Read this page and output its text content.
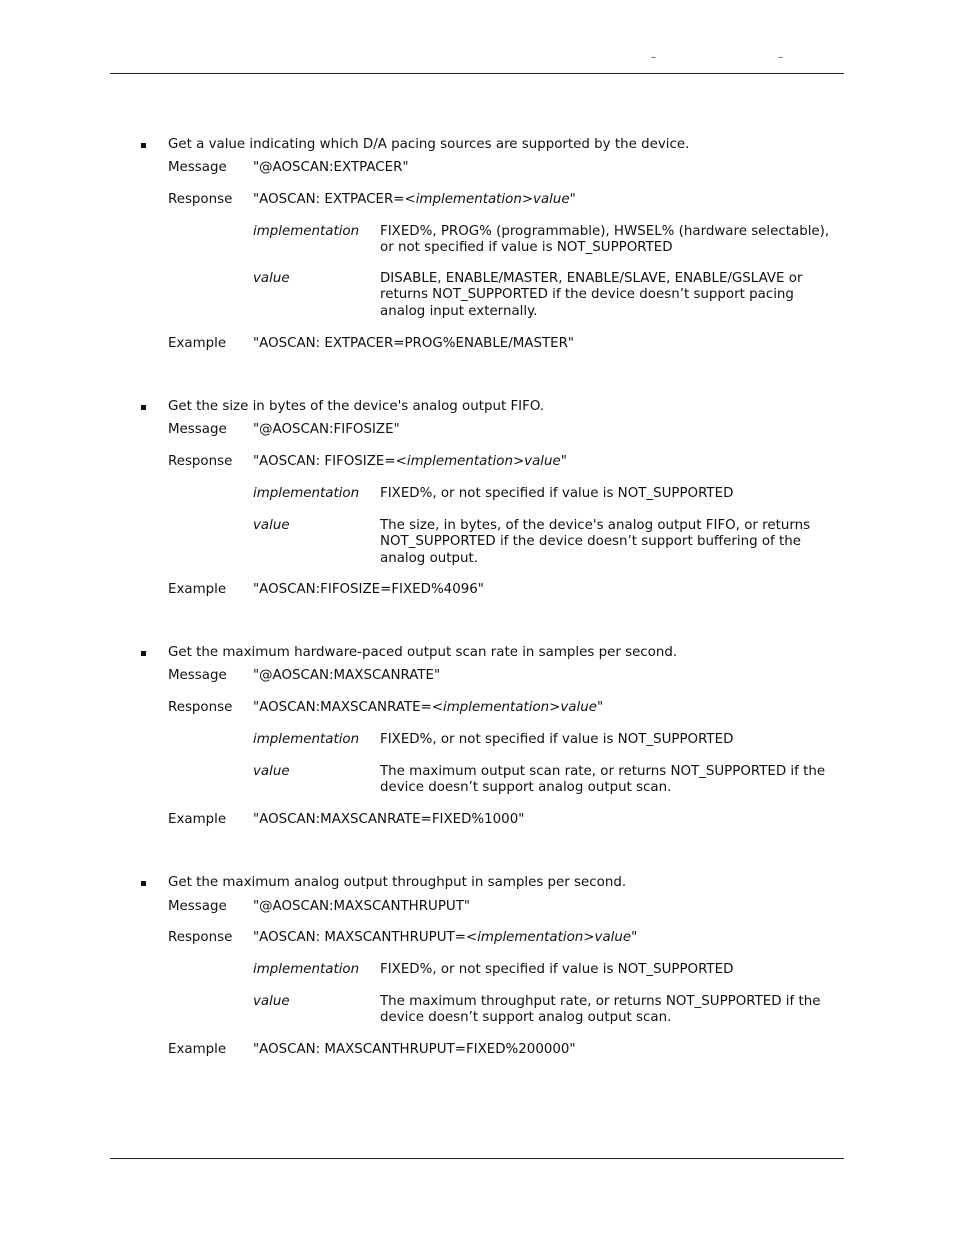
–	–
Get a value indicating which D/A pacing sources are supported by the device.
Message "@AOSCAN:EXTPACER"
Response "AOSCAN: EXTPACER=<implementation>value"
implementation FIXED%, PROG% (programmable), HWSEL% (hardware selectable), or not specified if value is NOT_SUPPORTED
value	DISABLE, ENABLE/MASTER, ENABLE/SLAVE, ENABLE/GSLAVE or returns NOT_SUPPORTED if the device doesn’t support pacing analog input externally.
Example "AOSCAN: EXTPACER=PROG%ENABLE/MASTER"
Get the size in bytes of the device's analog output FIFO.
Message "@AOSCAN:FIFOSIZE"
Response "AOSCAN: FIFOSIZE=<implementation>value"
implementation FIXED%, or not specified if value is NOT_SUPPORTED
value	The size, in bytes, of the device's analog output FIFO, or returns NOT_SUPPORTED if the device doesn’t support buffering of the analog output.
Example "AOSCAN:FIFOSIZE=FIXED%4096"
Get the maximum hardware-paced output scan rate in samples per second.
Message "@AOSCAN:MAXSCANRATE"
Response "AOSCAN:MAXSCANRATE=<implementation>value"
implementation FIXED%, or not specified if value is NOT_SUPPORTED
value	The maximum output scan rate, or returns NOT_SUPPORTED if the device doesn’t support analog output scan.
Example "AOSCAN:MAXSCANRATE=FIXED%1000"
Get the maximum analog output throughput in samples per second.
Message "@AOSCAN:MAXSCANTHRUPUT"
Response "AOSCAN: MAXSCANTHRUPUT=<implementation>value"
implementation FIXED%, or not specified if value is NOT_SUPPORTED
value	The maximum throughput rate, or returns NOT_SUPPORTED if the device doesn’t support analog output scan.
Example "AOSCAN: MAXSCANTHRUPUT=FIXED%200000"
